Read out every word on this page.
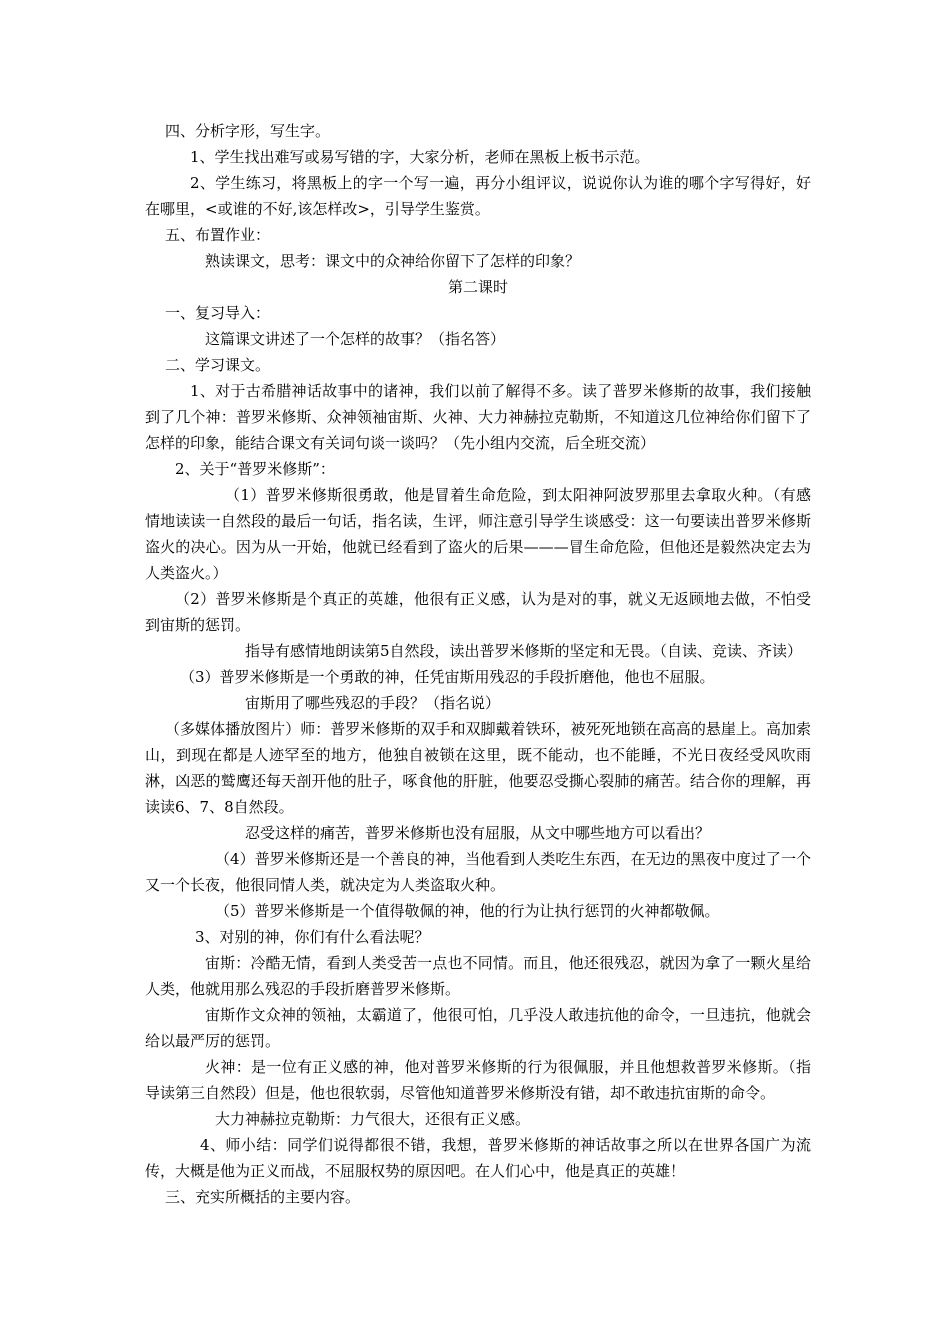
四、分析字形，写生字。

1、学生找出难写或易写错的字，大家分析，老师在黑板上板书示范。

2、学生练习，将黑板上的字一个写一遍，再分小组评议，说说你认为谁的哪个字写得好，好在哪里，<或谁的不好,该怎样改>，引导学生鉴赏。

五、布置作业：

熟读课文，思考：课文中的众神给你留下了怎样的印象？

第二课时

一、复习导入：

这篇课文讲述了一个怎样的故事？（指名答）

二、学习课文。

1、对于古希腊神话故事中的诸神，我们以前了解得不多。读了普罗米修斯的故事，我们接触到了几个神：普罗米修斯、众神领袖宙斯、火神、大力神赫拉克勒斯，不知道这几位神给你们留下了怎样的印象，能结合课文有关词句谈一谈吗？（先小组内交流，后全班交流）

2、关于“普罗米修斯”：

（1）普罗米修斯很勇敢，他是冒着生命危险，到太阳神阿波罗那里去拿取火种。（有感情地读读一自然段的最后一句话，指名读，生评，师注意引导学生谈感受：这一句要读出普罗米修斯盗火的决心。因为从一开始，他就已经看到了盗火的后果———冒生命危险，但他还是毅然决定去为人类盗火。）

（2）普罗米修斯是个真正的英雄，他很有正义感，认为是对的事，就义无返顾地去做，不怕受到宙斯的惩罚。

指导有感情地朗读第5自然段，读出普罗米修斯的坚定和无畏。（自读、竞读、齐读）

（3）普罗米修斯是一个勇敢的神，任凭宙斯用残忍的手段折磨他，他也不屈服。

宙斯用了哪些残忍的手段？（指名说）

（多媒体播放图片）师：普罗米修斯的双手和双脚戴着铁环，被死死地锁在高高的悬崖上。高加索山，到现在都是人迹罕至的地方，他独自被锁在这里，既不能动，也不能睡，不光日夜经受风吹雨淋，凶恶的鹫鹰还每天剖开他的肚子，啄食他的肝脏，他要忍受撕心裂肺的痛苦。结合你的理解，再读读6、7、8自然段。

忍受这样的痛苦，普罗米修斯也没有屈服，从文中哪些地方可以看出？

（4）普罗米修斯还是一个善良的神，当他看到人类吃生东西，在无边的黑夜中度过了一个又一个长夜，他很同情人类，就决定为人类盗取火种。

（5）普罗米修斯是一个值得敬佩的神，他的行为让执行惩罚的火神都敬佩。

3、对别的神，你们有什么看法呢？

宙斯：冷酷无情，看到人类受苦一点也不同情。而且，他还很残忍，就因为拿了一颗火星给人类，他就用那么残忍的手段折磨普罗米修斯。

宙斯作文众神的领袖，太霸道了，他很可怕，几乎没人敢违抗他的命令，一旦违抗，他就会给以最严厉的惩罚。

火神：是一位有正义感的神，他对普罗米修斯的行为很佩服，并且他想救普罗米修斯。（指导读第三自然段）但是，他也很软弱，尽管他知道普罗米修斯没有错，却不敢违抗宙斯的命令。

大力神赫拉克勒斯：力气很大，还很有正义感。

4、师小结：同学们说得都很不错，我想，普罗米修斯的神话故事之所以在世界各国广为流传，大概是他为正义而战，不屈服权势的原因吧。在人们心中，他是真正的英雄！

三、充实所概括的主要内容。
